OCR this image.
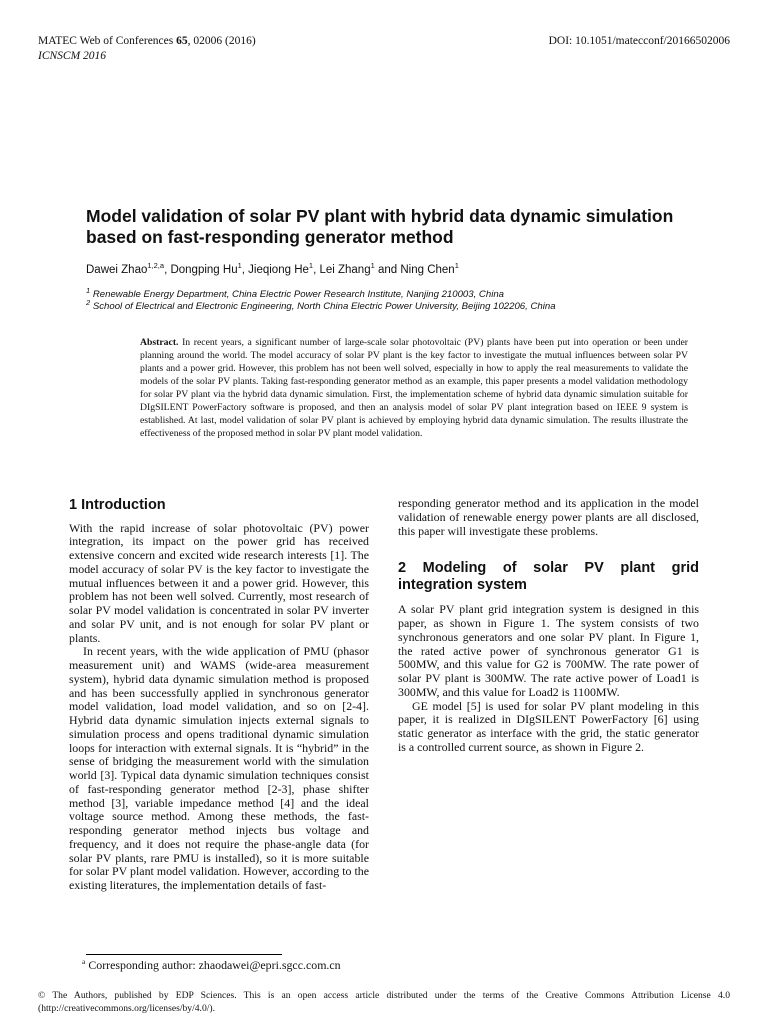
MATEC Web of Conferences 65, 02006 (2016)
ICNSCM 2016
DOI: 10.1051/matecconf/20166502006
Model validation of solar PV plant with hybrid data dynamic simulation based on fast-responding generator method
Dawei Zhao$^{1,2,a}$, Dongping Hu$^1$, Jieqiong He$^1$, Lei Zhang$^1$ and Ning Chen$^1$
$^1$ Renewable Energy Department, China Electric Power Research Institute, Nanjing 210003, China
$^2$ School of Electrical and Electronic Engineering, North China Electric Power University, Beijing 102206, China
Abstract. In recent years, a significant number of large-scale solar photovoltaic (PV) plants have been put into operation or been under planning around the world. The model accuracy of solar PV plant is the key factor to investigate the mutual influences between solar PV plants and a power grid. However, this problem has not been well solved, especially in how to apply the real measurements to validate the models of the solar PV plants. Taking fast-responding generator method as an example, this paper presents a model validation methodology for solar PV plant via the hybrid data dynamic simulation. First, the implementation scheme of hybrid data dynamic simulation suitable for DIgSILENT PowerFactory software is proposed, and then an analysis model of solar PV plant integration based on IEEE 9 system is established. At last, model validation of solar PV plant is achieved by employing hybrid data dynamic simulation. The results illustrate the effectiveness of the proposed method in solar PV plant model validation.
1 Introduction

With the rapid increase of solar photovoltaic (PV) power integration, its impact on the power grid has received extensive concern and excited wide research interests [1]. The model accuracy of solar PV is the key factor to investigate the mutual influences between it and a power grid. However, this problem has not been well solved. Currently, most research of solar PV model validation is concentrated in solar PV inverter and solar PV unit, and is not enough for solar PV plant or plants.

In recent years, with the wide application of PMU (phasor measurement unit) and WAMS (wide-area measurement system), hybrid data dynamic simulation method is proposed and has been successfully applied in synchronous generator model validation, load model validation, and so on [2-4]. Hybrid data dynamic simulation injects external signals to simulation process and opens traditional dynamic simulation loops for interaction with external signals. It is “hybrid” in the sense of bridging the measurement world with the simulation world [3]. Typical data dynamic simulation techniques consist of fast-responding generator method [2-3], phase shifter method [3], variable impedance method [4] and the ideal voltage source method. Among these methods, the fast-responding generator method injects bus voltage and frequency, and it does not require the phase-angle data (for solar PV plants, rare PMU is installed), so it is more suitable for solar PV plant model validation. However, according to the existing literatures, the implementation details of fast-

responding generator method and its application in the model validation of renewable energy power plants are all disclosed, this paper will investigate these problems.

2 Modeling of solar PV plant grid integration system

A solar PV plant grid integration system is designed in this paper, as shown in Figure 1. The system consists of two synchronous generators and one solar PV plant. In Figure 1, the rated active power of synchronous generator G1 is 500MW, and this value for G2 is 700MW. The rate power of solar PV plant is 300MW. The rate active power of Load1 is 300MW, and this value for Load2 is 1100MW.

GE model [5] is used for solar PV plant modeling in this paper, it is realized in DIgSILENT PowerFactory [6] using static generator as interface with the grid, the static generator is a controlled current source, as shown in Figure 2.

$^a$ Corresponding author: zhaodawei@epri.sgcc.com.cn
© The Authors, published by EDP Sciences. This is an open access article distributed under the terms of the Creative Commons Attribution License 4.0 (http://creativecommons.org/licenses/by/4.0/).
